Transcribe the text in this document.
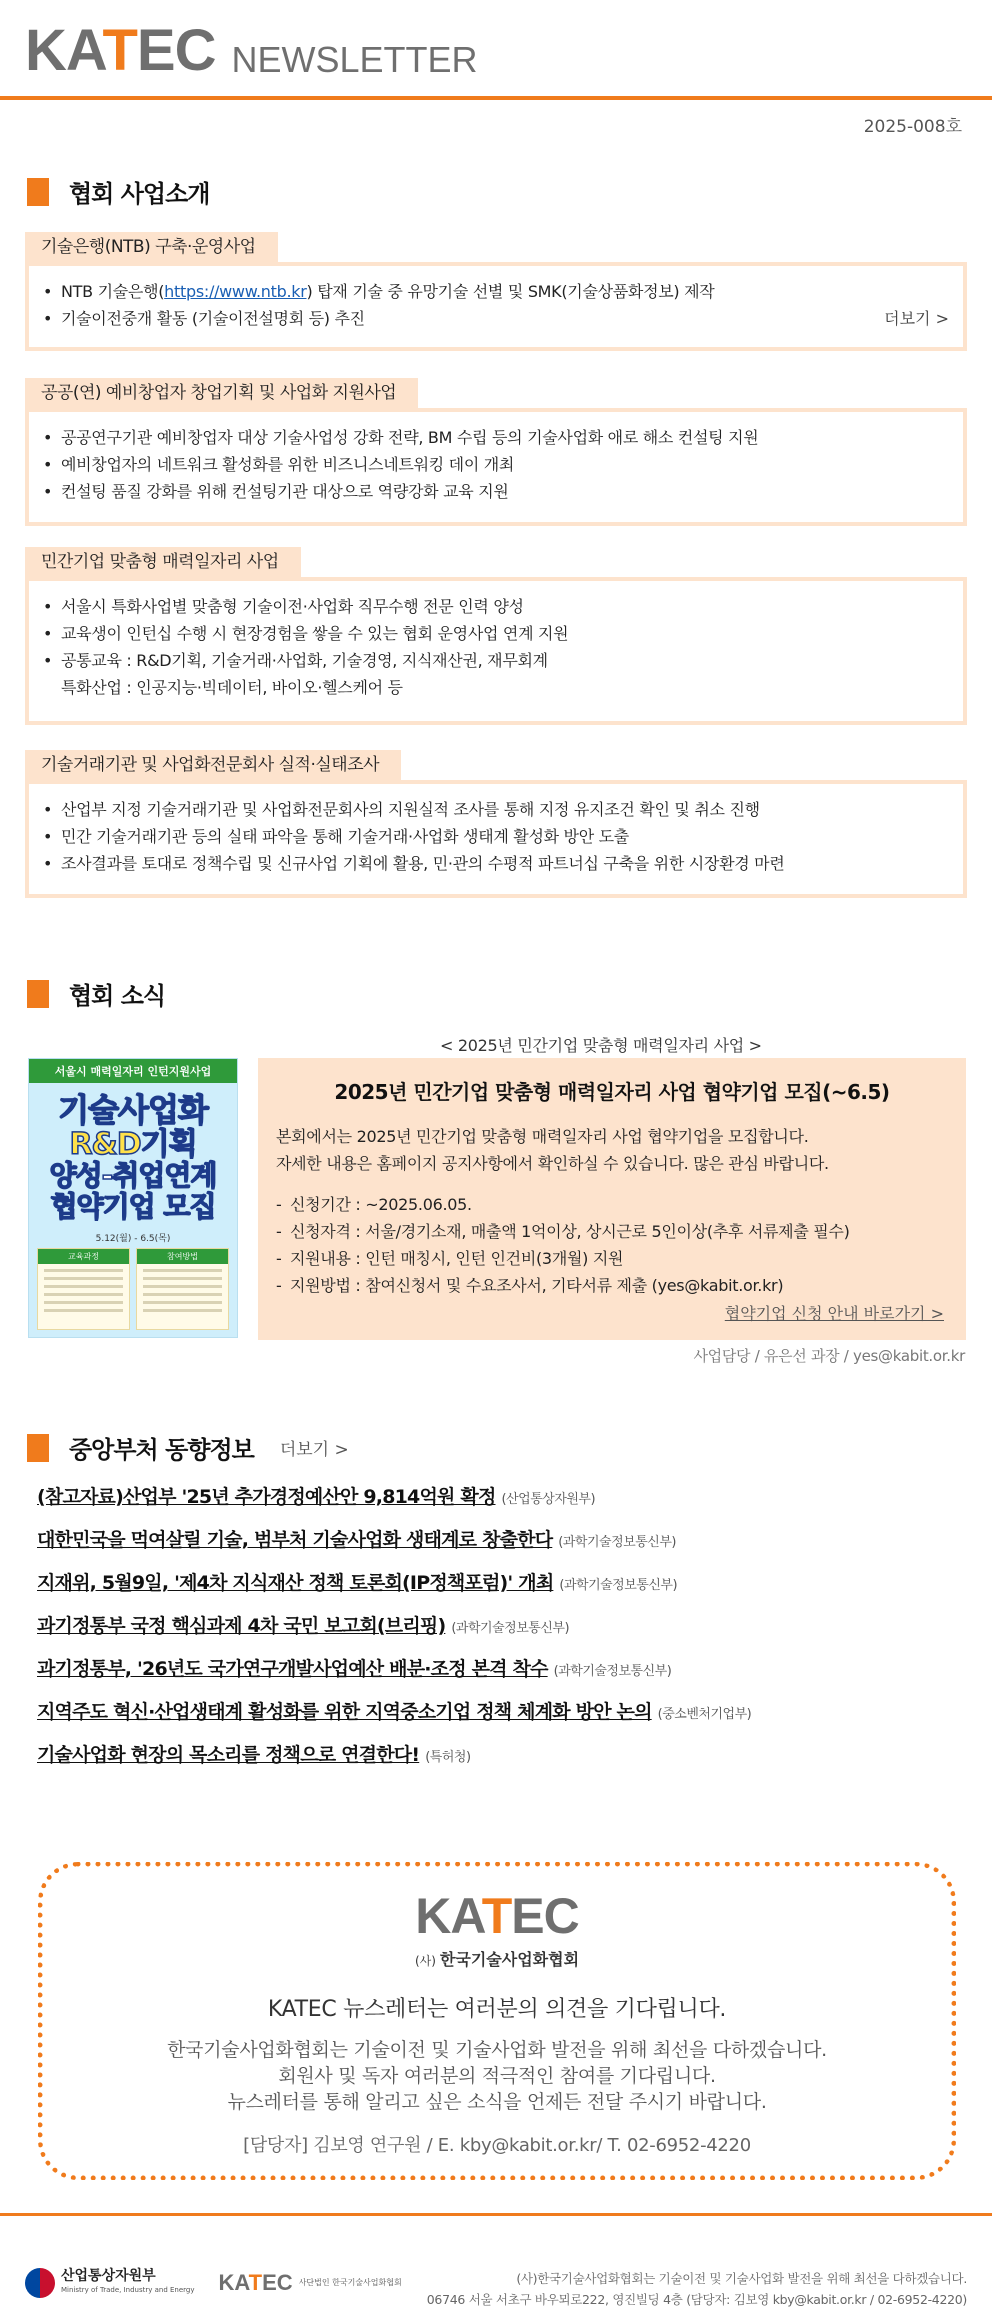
KATEC NEWSLETTER
2025-008호
협회 사업소개
기술은행(NTB) 구축·운영사업
• NTB 기술은행(https://www.ntb.kr) 탑재 기술 중 유망기술 선별 및 SMK(기술상품화정보) 제작
• 기술이전중개 활동 (기술이전설명회 등) 추진	더보기 >
공공(연) 예비창업자 창업기획 및 사업화 지원사업
• 공공연구기관 예비창업자 대상 기술사업성 강화 전략, BM 수립 등의 기술사업화 애로 해소 컨설팅 지원
• 예비창업자의 네트워크 활성화를 위한 비즈니스네트워킹 데이 개최
• 컨설팅 품질 강화를 위해 컨설팅기관 대상으로 역량강화 교육 지원
민간기업 맞춤형 매력일자리 사업
• 서울시 특화사업별 맞춤형 기술이전·사업화 직무수행 전문 인력 양성
• 교육생이 인턴십 수행 시 현장경험을 쌓을 수 있는 협회 운영사업 연계 지원
• 공통교육 : R&D기획, 기술거래·사업화, 기술경영, 지식재산권, 재무회계
특화산업 : 인공지능·빅데이터, 바이오·헬스케어 등
기술거래기관 및 사업화전문회사 실적·실태조사
• 산업부 지정 기술거래기관 및 사업화전문회사의 지원실적 조사를 통해 지정 유지조건 확인 및 취소 진행
• 민간 기술거래기관 등의 실태 파악을 통해 기술거래·사업화 생태계 활성화 방안 도출
• 조사결과를 토대로 정책수립 및 신규사업 기획에 활용, 민·관의 수평적 파트너십 구축을 위한 시장환경 마련
협회 소식
< 2025년 민간기업 맞춤형 매력일자리 사업 >
서울시 매력일자리 인턴지원사업
기술사업화
R&D기획
양성-취업연계
협약기업 모집
5.12(월) - 6.5(목)
교육과정	참여방법
2025년 민간기업 맞춤형 매력일자리 사업 협약기업 모집(~6.5)
본회에서는 2025년 민간기업 맞춤형 매력일자리 사업 협약기업을 모집합니다.
자세한 내용은 홈페이지 공지사항에서 확인하실 수 있습니다. 많은 관심 바랍니다.
- 신청기간 : ~2025.06.05.
- 신청자격 : 서울/경기소재, 매출액 1억이상, 상시근로 5인이상(추후 서류제출 필수)
- 지원내용 : 인턴 매칭시, 인턴 인건비(3개월) 지원
- 지원방법 : 참여신청서 및 수요조사서, 기타서류 제출 (yes@kabit.or.kr)
협약기업 신청 안내 바로가기 >
사업담당 / 유은선 과장 / yes@kabit.or.kr
중앙부처 동향정보 더보기 >
(참고자료)산업부 '25년 추가경정예산안 9,814억원 확정 (산업통상자원부)
대한민국을 먹여살릴 기술, 범부처 기술사업화 생태계로 창출한다 (과학기술정보통신부)
지재위, 5월9일, '제4차 지식재산 정책 토론회(IP정책포럼)' 개최 (과학기술정보통신부)
과기정통부 국정 핵심과제 4차 국민 보고회(브리핑) (과학기술정보통신부)
과기정통부, '26년도 국가연구개발사업예산 배분·조정 본격 착수 (과학기술정보통신부)
지역주도 혁신·산업생태계 활성화를 위한 지역중소기업 정책 체계화 방안 논의 (중소벤처기업부)
기술사업화 현장의 목소리를 정책으로 연결한다! (특허청)
KATEC
(사) 한국기술사업화협회
KATEC 뉴스레터는 여러분의 의견을 기다립니다.
한국기술사업화협회는 기술이전 및 기술사업화 발전을 위해 최선을 다하겠습니다.
회원사 및 독자 여러분의 적극적인 참여를 기다립니다.
뉴스레터를 통해 알리고 싶은 소식을 언제든 전달 주시기 바랍니다.
[담당자] 김보영 연구원 / E. kby@kabit.or.kr/ T. 02-6952-4220
산업통상자원부
Ministry of Trade, Industry and Energy KATEC 사단법인 한국기술사업화협회	(사)한국기술사업화협회는 기술이전 및 기술사업화 발전을 위해 최선을 다하겠습니다.
06746 서울 서초구 바우뫼로222, 영진빌딩 4층 (담당자: 김보영 kby@kabit.or.kr / 02-6952-4220)
